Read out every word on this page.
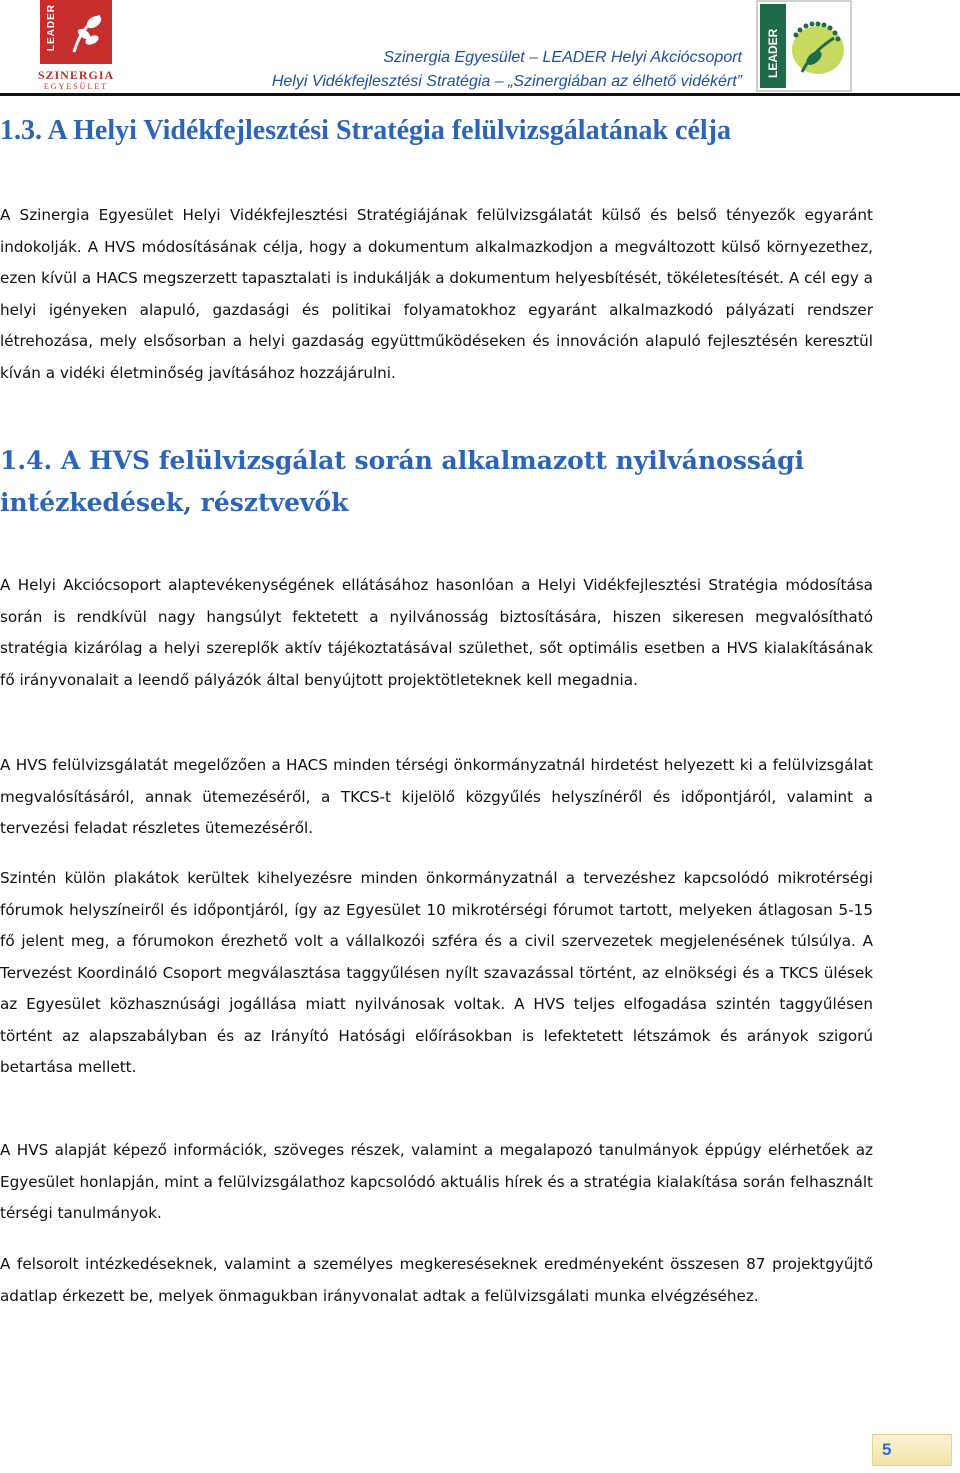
LEADER
SZINERGIA
EGYESÜLET
Szinergia Egyesület – LEADER Helyi Akciócsoport
Helyi Vidékfejlesztési Stratégia – „Szinergiában az élhető vidékért”
LEADER
1.3. A Helyi Vidékfejlesztési Stratégia felülvizsgálatának célja

A Szinergia Egyesület Helyi Vidékfejlesztési Stratégiájának felülvizsgálatát külső és belső tényezők egyaránt indokolják. A HVS módosításának célja, hogy a dokumentum alkalmazkodjon a megváltozott külső környezethez, ezen kívül a HACS megszerzett tapasztalati is indukálják a dokumentum helyesbítését, tökéletesítését. A cél egy a helyi igényeken alapuló, gazdasági és politikai folyamatokhoz egyaránt alkalmazkodó pályázati rendszer létrehozása, mely elsősorban a helyi gazdaság együttműködéseken és innováción alapuló fejlesztésén keresztül kíván a vidéki életminőség javításához hozzájárulni.

1.4. A HVS felülvizsgálat során alkalmazott nyilvánossági intézkedések, résztvevők

A Helyi Akciócsoport alaptevékenységének ellátásához hasonlóan a Helyi Vidékfejlesztési Stratégia módosítása során is rendkívül nagy hangsúlyt fektetett a nyilvánosság biztosítására, hiszen sikeresen megvalósítható stratégia kizárólag a helyi szereplők aktív tájékoztatásával születhet, sőt optimális esetben a HVS kialakításának fő irányvonalait a leendő pályázók által benyújtott projektötleteknek kell megadnia.

A HVS felülvizsgálatát megelőzően a HACS minden térségi önkormányzatnál hirdetést helyezett ki a felülvizsgálat megvalósításáról, annak ütemezéséről, a TKCS-t kijelölő közgyűlés helyszínéről és időpontjáról, valamint a tervezési feladat részletes ütemezéséről.

Szintén külön plakátok kerültek kihelyezésre minden önkormányzatnál a tervezéshez kapcsolódó mikrotérségi fórumok helyszíneiről és időpontjáról, így az Egyesület 10 mikrotérségi fórumot tartott, melyeken átlagosan 5-15 fő jelent meg, a fórumokon érezhető volt a vállalkozói szféra és a civil szervezetek megjelenésének túlsúlya. A Tervezést Koordináló Csoport megválasztása taggyűlésen nyílt szavazással történt, az elnökségi és a TKCS ülések az Egyesület közhasznúsági jogállása miatt nyilvánosak voltak. A HVS teljes elfogadása szintén taggyűlésen történt az alapszabályban és az Irányító Hatósági előírásokban is lefektetett létszámok és arányok szigorú betartása mellett.

A HVS alapját képező információk, szöveges részek, valamint a megalapozó tanulmányok éppúgy elérhetőek az Egyesület honlapján, mint a felülvizsgálathoz kapcsolódó aktuális hírek és a stratégia kialakítása során felhasznált térségi tanulmányok.

A felsorolt intézkedéseknek, valamint a személyes megkereséseknek eredményeként összesen 87 projektgyűjtő adatlap érkezett be, melyek önmagukban irányvonalat adtak a felülvizsgálati munka elvégzéséhez.

5
